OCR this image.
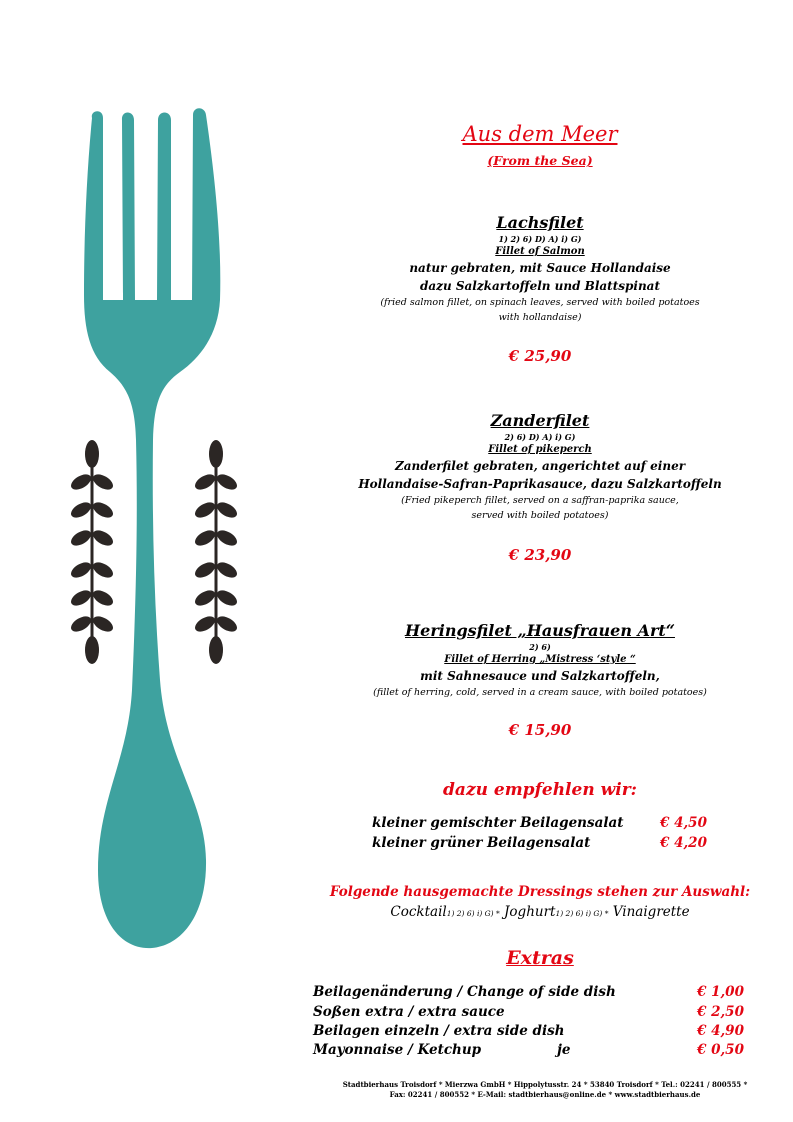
Aus dem Meer
(From the Sea)
Lachsfilet
1) 2) 6) D) A) i) G)
Fillet of Salmon
natur gebraten, mit Sauce Hollandaise
dazu Salzkartoffeln und Blattspinat
(fried salmon fillet, on spinach leaves, served with boiled potatoes
with hollandaise)
€ 25,90
Zanderfilet
2) 6) D) A) i) G)
Fillet of pikeperch
Zanderfilet gebraten, angerichtet auf einer
Hollandaise-Safran-Paprikasauce, dazu Salzkartoffeln
(Fried pikeperch fillet, served on a saffran-paprika sauce,
served with boiled potatoes)
€ 23,90
Heringsfilet „Hausfrauen Art“
2) 6)
Fillet of Herring „Mistress ‘style “
mit Sahnesauce und Salzkartoffeln,
(fillet of herring, cold, served in a cream sauce, with boiled potatoes)
€ 15,90
dazu empfehlen wir:
kleiner gemischter Beilagensalat	€ 4,50
kleiner grüner Beilagensalat	€ 4,20
Folgende hausgemachte Dressings stehen zur Auswahl:
Cocktail1) 2) 6) i) G) * Joghurt1) 2) 6) i) G) * Vinaigrette
Extras
Beilagenänderung / Change of side dish	€ 1,00
Soßen extra / extra sauce	€ 2,50
Beilagen einzeln / extra side dish	€ 4,90
Mayonnaise / Ketchup	je	€ 0,50
Stadtbierhaus Troisdorf * Mierzwa GmbH * Hippolytusstr. 24 * 53840 Troisdorf * Tel.: 02241 / 800555 *
Fax: 02241 / 800552 * E-Mail: stadtbierhaus@online.de * www.stadtbierhaus.de
